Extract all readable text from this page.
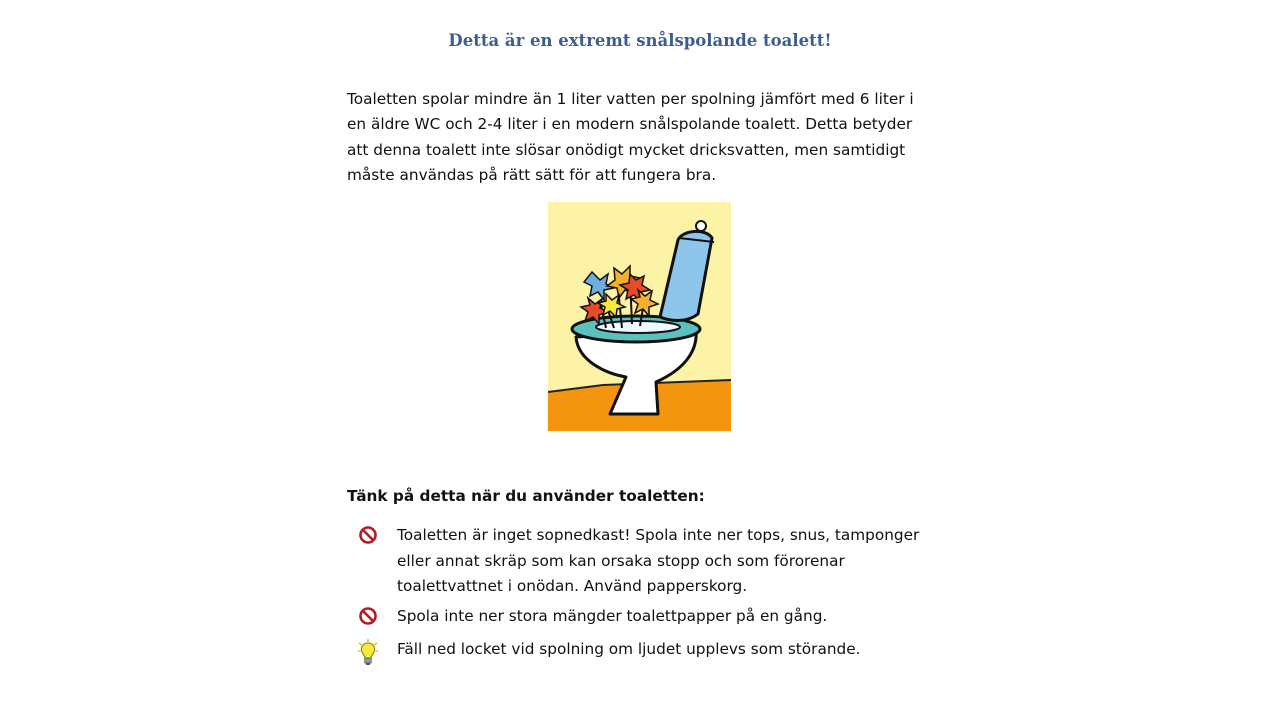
Detta är en extremt snålspolande toalett!
Toaletten spolar mindre än 1 liter vatten per spolning jämfört med 6 liter i en äldre WC och 2-4 liter i en modern snålspolande toalett. Detta betyder att denna toalett inte slösar onödigt mycket dricksvatten, men samtidigt måste användas på rätt sätt för att fungera bra.
Tänk på detta när du använder toaletten:
Toaletten är inget sopnedkast! Spola inte ner tops, snus, tamponger eller annat skräp som kan orsaka stopp och som förorenar toalettvattnet i onödan. Använd papperskorg.
Spola inte ner stora mängder toalettpapper på en gång.
Fäll ned locket vid spolning om ljudet upplevs som störande.
